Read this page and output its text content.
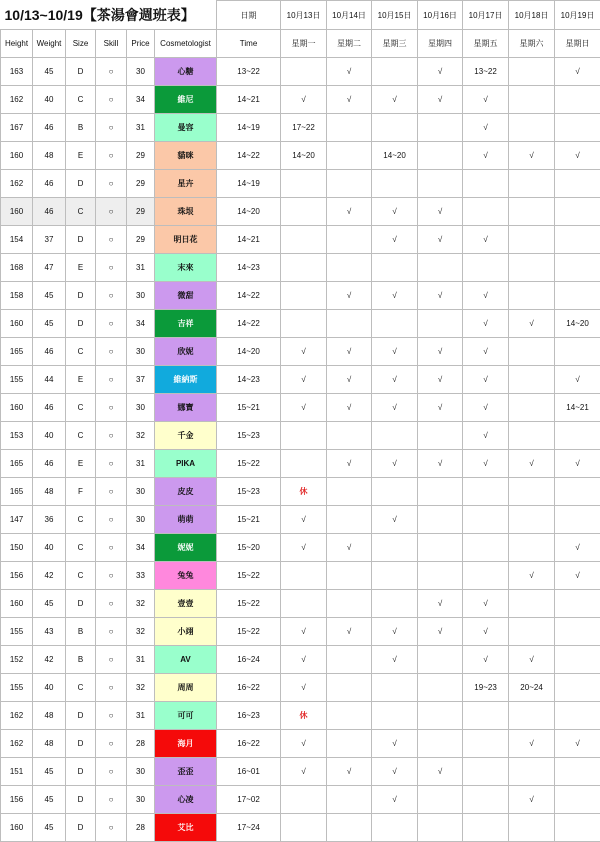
10/13~10/19【茶湯會週班表】						日期	10月13日	10月14日	10月15日	10月16日	10月17日	10月18日	10月19日
Height	Weight	Size	Skill	Price	Cosmetologist	Time	星期一	星期二	星期三	星期四	星期五	星期六	星期日
163	45	D	○	30	心糖	13~22		√		√	13~22		√
162	40	C	○	34	維尼	14~21	√	√	√	√	√		
167	46	B	○	31	曼容	14~19	17~22				√		
160	48	E	○	29	貓咪	14~22	14~20		14~20		√	√	√
162	46	D	○	29	星卉	14~19							
160	46	C	○	29	珠垠	14~20		√	√	√			
154	37	D	○	29	明日花	14~21			√	√	√		
168	47	E	○	31	末來	14~23							
158	45	D	○	30	微甜	14~22		√	√	√	√		
160	45	D	○	34	吉祥	14~22					√	√	14~20
165	46	C	○	30	欣妮	14~20	√	√	√	√	√		
155	44	E	○	37	維納斯	14~23	√	√	√	√	√		√
160	46	C	○	30	娜寶	15~21	√	√	√	√	√		14~21
153	40	C	○	32	千金	15~23					√		
165	46	E	○	31	PIKA	15~22		√	√	√	√	√	√
165	48	F	○	30	皮皮	15~23	休						
147	36	C	○	30	萌萌	15~21	√		√				
150	40	C	○	34	妮妮	15~20	√	√					√
156	42	C	○	33	兔兔	15~22						√	√
160	45	D	○	32	壹壹	15~22				√	√		
155	43	B	○	32	小翊	15~22	√	√	√	√	√		
152	42	B	○	31	AV	16~24	√		√		√	√	
155	40	C	○	32	周周	16~22	√				19~23	20~24	
162	48	D	○	31	可可	16~23	休						
162	48	D	○	28	海月	16~22	√		√			√	√
151	45	D	○	30	歪歪	16~01	√	√	√	√			
156	45	D	○	30	心凌	17~02			√			√	
160	45	D	○	28	艾比	17~24							
